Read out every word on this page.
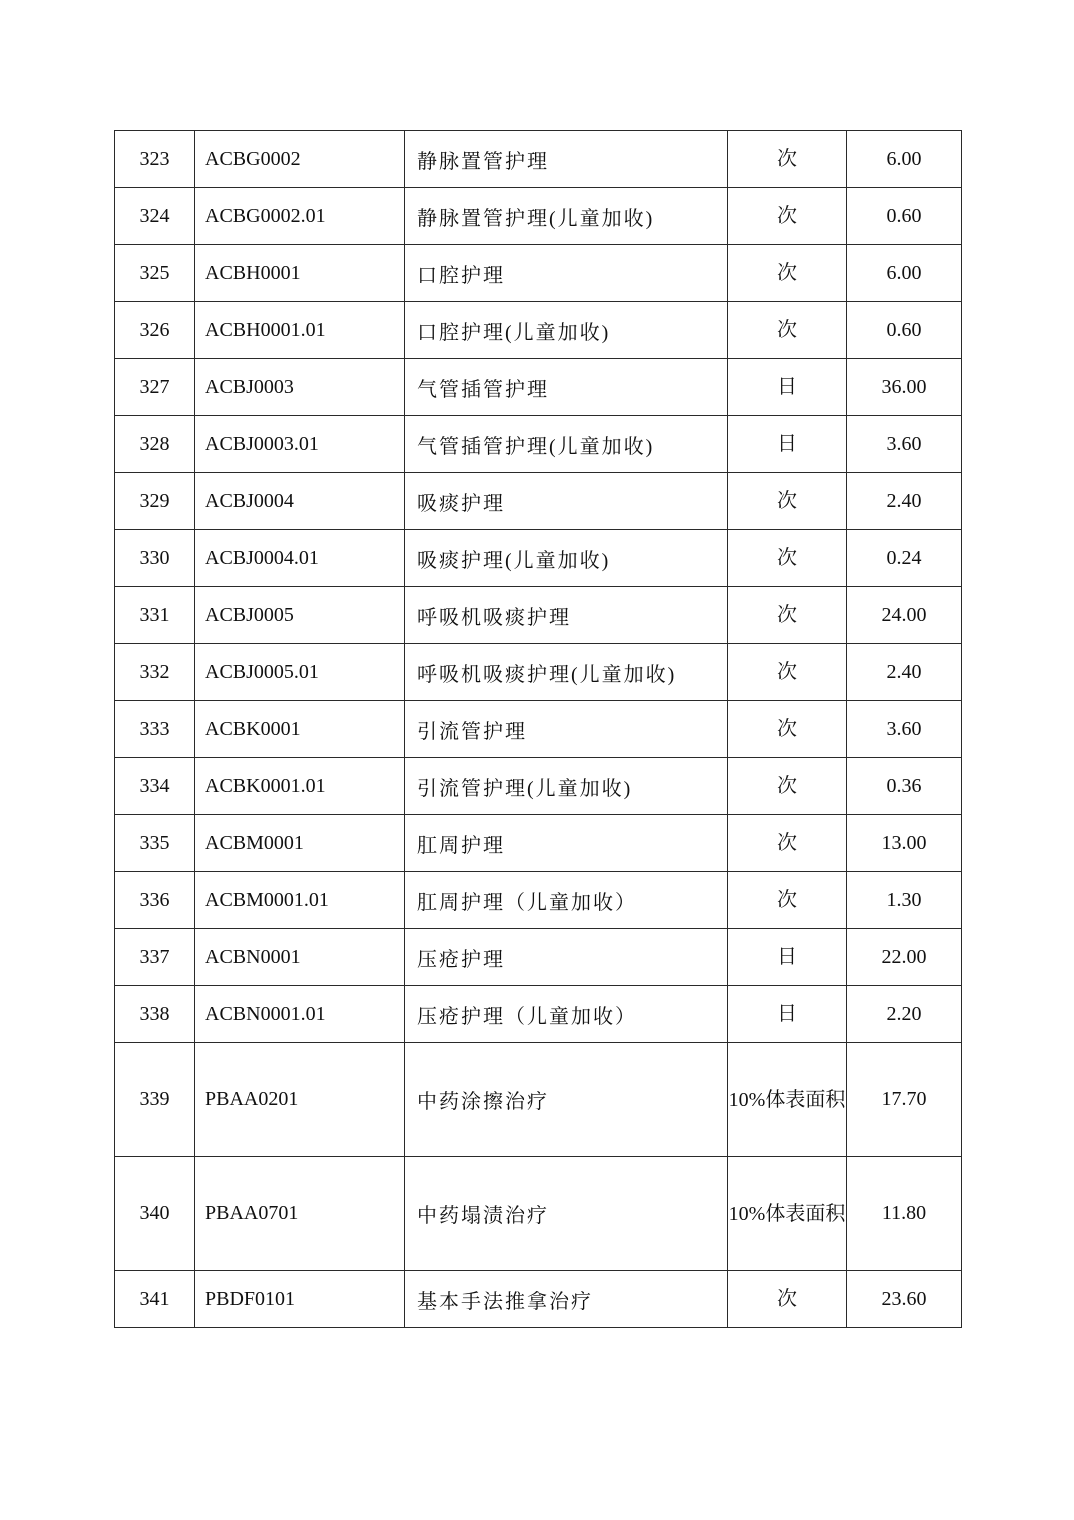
323	ACBG0002	静脉置管护理	次	6.00
324	ACBG0002.01	静脉置管护理(儿童加收)	次	0.60
325	ACBH0001	口腔护理	次	6.00
326	ACBH0001.01	口腔护理(儿童加收)	次	0.60
327	ACBJ0003	气管插管护理	日	36.00
328	ACBJ0003.01	气管插管护理(儿童加收)	日	3.60
329	ACBJ0004	吸痰护理	次	2.40
330	ACBJ0004.01	吸痰护理(儿童加收)	次	0.24
331	ACBJ0005	呼吸机吸痰护理	次	24.00
332	ACBJ0005.01	呼吸机吸痰护理(儿童加收)	次	2.40
333	ACBK0001	引流管护理	次	3.60
334	ACBK0001.01	引流管护理(儿童加收)	次	0.36
335	ACBM0001	肛周护理	次	13.00
336	ACBM0001.01	肛周护理（儿童加收）	次	1.30
337	ACBN0001	压疮护理	日	22.00
338	ACBN0001.01	压疮护理（儿童加收）	日	2.20
339	PBAA0201	中药涂擦治疗	10%体表面积	17.70
340	PBAA0701	中药塌渍治疗	10%体表面积	11.80
341	PBDF0101	基本手法推拿治疗	次	23.60
